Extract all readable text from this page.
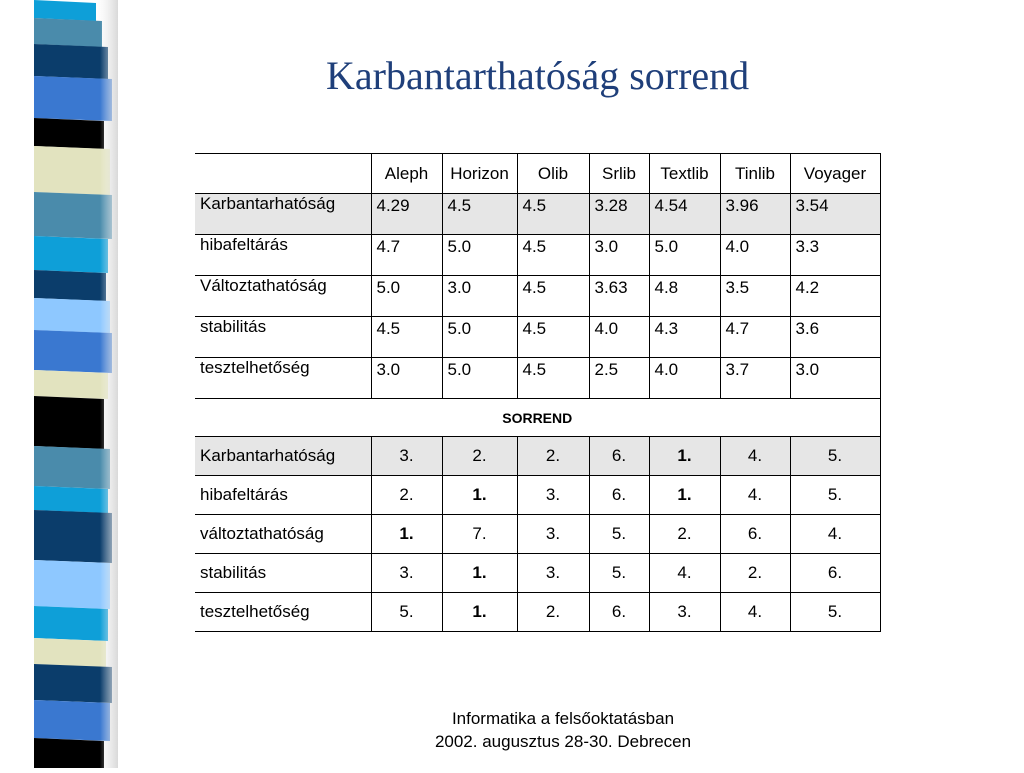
Karbantarthatóság sorrend
	Aleph	Horizon	Olib	Srlib	Textlib	Tinlib	Voyager
Karbantarhatóság	4.29	4.5	4.5	3.28	4.54	3.96	3.54
hibafeltárás	4.7	5.0	4.5	3.0	5.0	4.0	3.3
Változtathatóság	5.0	3.0	4.5	3.63	4.8	3.5	4.2
stabilitás	4.5	5.0	4.5	4.0	4.3	4.7	3.6
tesztelhetőség	3.0	5.0	4.5	2.5	4.0	3.7	3.0
SORREND							
Karbantarhatóság	3.	2.	2.	6.	1.	4.	5.
hibafeltárás	2.	1.	3.	6.	1.	4.	5.
változtathatóság	1.	7.	3.	5.	2.	6.	4.
stabilitás	3.	1.	3.	5.	4.	2.	6.
tesztelhetőség	5.	1.	2.	6.	3.	4.	5.
Informatika a felsőoktatásban
2002. augusztus 28-30. Debrecen
